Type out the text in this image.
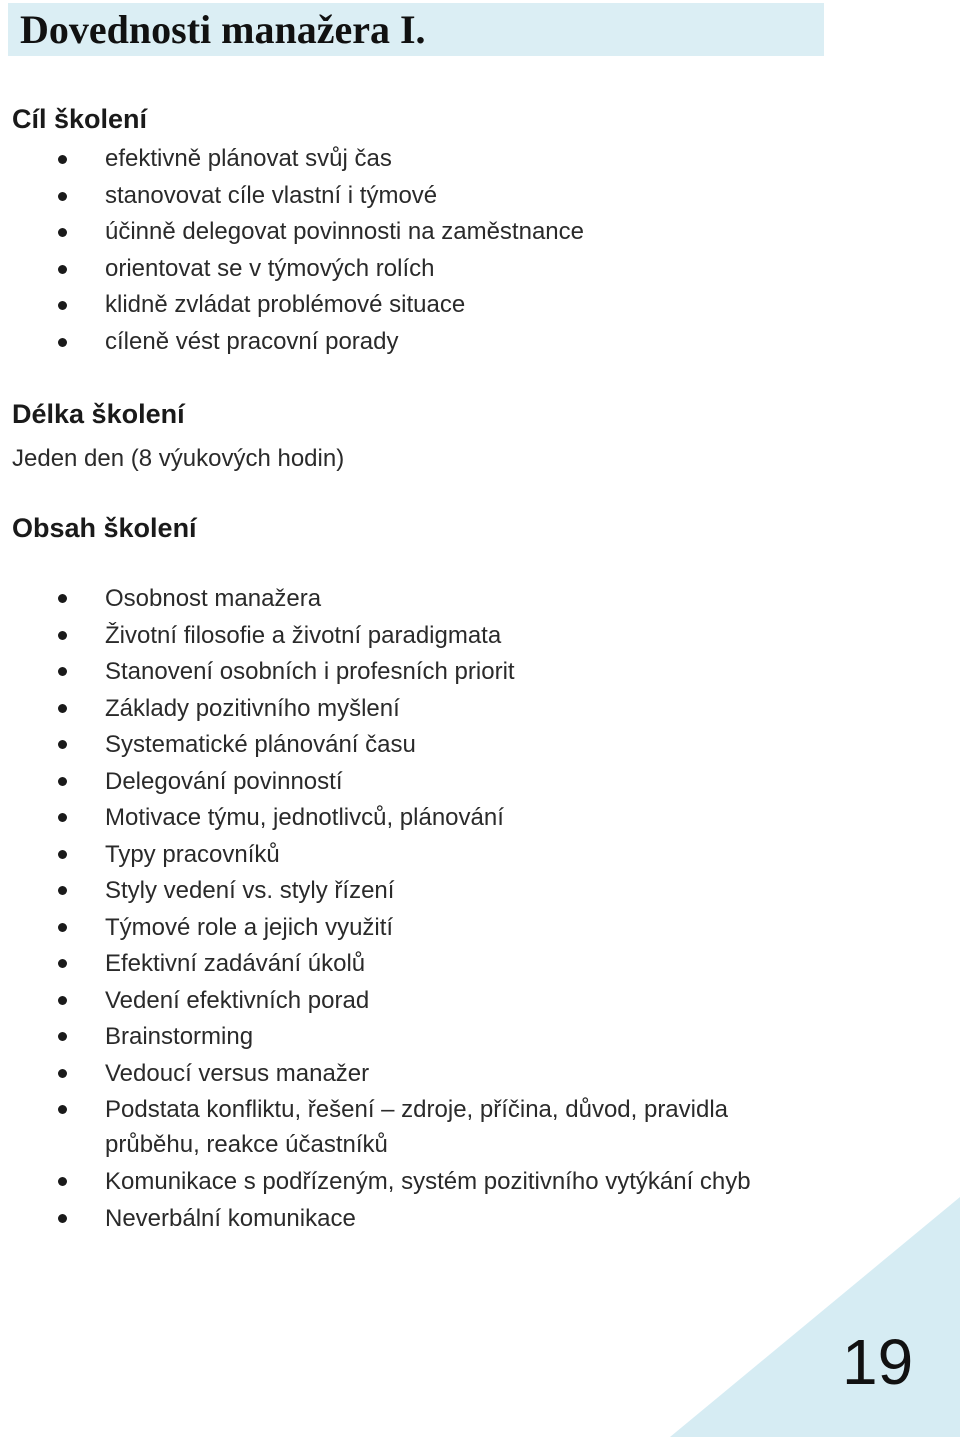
Dovednosti manažera I.
Cíl školení
efektivně plánovat svůj čas
stanovovat cíle vlastní i týmové
účinně delegovat povinnosti na zaměstnance
orientovat se v týmových rolích
klidně zvládat problémové situace
cíleně vést pracovní porady
Délka školení

Jeden den (8 výukových hodin)

Obsah školení
Osobnost manažera
Životní filosofie a životní paradigmata
Stanovení osobních i profesních priorit
Základy pozitivního myšlení
Systematické plánování času
Delegování povinností
Motivace týmu, jednotlivců, plánování
Typy pracovníků
Styly vedení vs. styly řízení
Týmové role a jejich využití
Efektivní zadávání úkolů
Vedení efektivních porad
Brainstorming
Vedoucí versus manažer
Podstata konfliktu, řešení – zdroje, příčina, důvod, pravidla průběhu, reakce účastníků
Komunikace s podřízeným, systém pozitivního vytýkání chyb
Neverbální komunikace
19
